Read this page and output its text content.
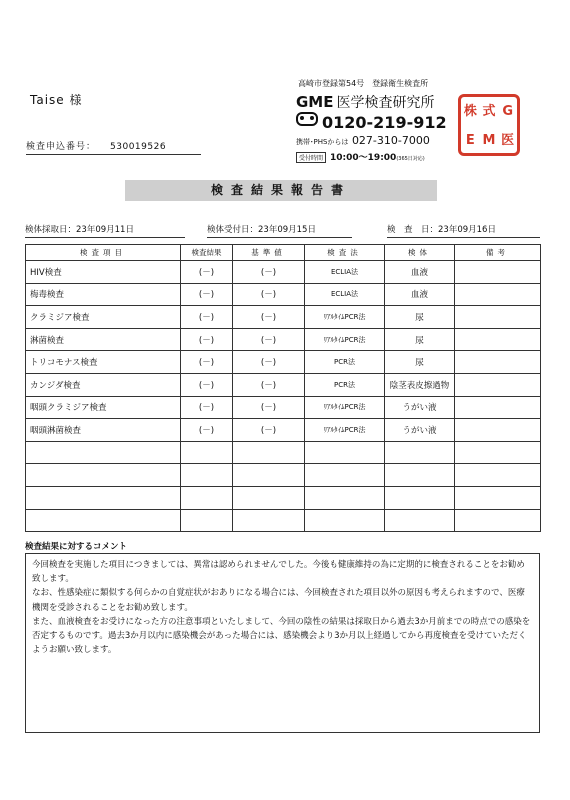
Taise 様
検査申込番号： 530019526
高崎市登録第54号　登録衛生検査所
GME 医学検査研究所
0120-219-912
携帯･PHSからは 027-310-7000
受付時間 10:00～19:00(365日対応)
株 式 G
E M 医
検査結果報告書
検体採取日：23年09月11日	検体受付日：23年09月15日	検　査　日：23年09月16日
検査項目	検査結果	基準値	検査法	検体	備考
HIV検査	(－)	(－)	ECLIA法	血液	
梅毒検査	(－)	(－)	ECLIA法	血液	
クラミジア検査	(－)	(－)	ﾘｱﾙﾀｲﾑPCR法	尿	
淋菌検査	(－)	(－)	ﾘｱﾙﾀｲﾑPCR法	尿	
トリコモナス検査	(－)	(－)	PCR法	尿	
カンジダ検査	(－)	(－)	PCR法	陰茎表皮擦過物	
咽頭クラミジア検査	(－)	(－)	ﾘｱﾙﾀｲﾑPCR法	うがい液	
咽頭淋菌検査	(－)	(－)	ﾘｱﾙﾀｲﾑPCR法	うがい液	

検査結果に対するコメント

今回検査を実施した項目につきましては、異常は認められませんでした。今後も健康維持の為に定期的に検査されることをお勧め致します。

なお、性感染症に類似する何らかの自覚症状がおありになる場合には、今回検査された項目以外の原因も考えられますので、医療機関を受診されることをお勧め致します。

また、血液検査をお受けになった方の注意事項といたしまして、今回の陰性の結果は採取日から過去3か月前までの時点での感染を否定するものです。過去3か月以内に感染機会があった場合には、感染機会より3か月以上経過してから再度検査を受けていただくようお願い致します。
